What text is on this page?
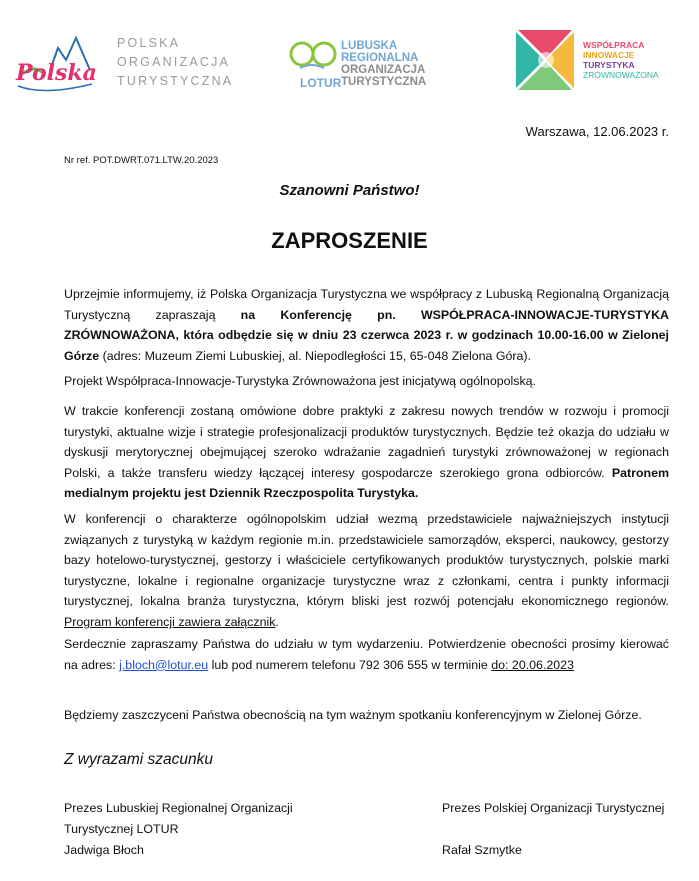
Polska
POLSKA
ORGANIZACJA
TURYSTYCZNA	LOTUR
LUBUSKA
REGIONALNA
ORGANIZACJA
TURYSTYCZNA
WSPÓŁPRACA
INNOWACJE
TURYSTYKA
ZRÓWNOWAŻONA
Warszawa, 12.06.2023 r.
Nr ref. POT.DWRT.071.LTW.20.2023
Szanowni Państwo!
ZAPROSZENIE
Uprzejmie informujemy, iż Polska Organizacja Turystyczna we współpracy z Lubuską Regionalną Organizacją Turystyczną zapraszają na Konferencję pn. WSPÓŁPRACA-INNOWACJE-TURYSTYKA ZRÓWNOWAŻONA, która odbędzie się w dniu 23 czerwca 2023 r. w godzinach 10.00-16.00 w Zielonej Górze (adres: Muzeum Ziemi Lubuskiej, al. Niepodległości 15, 65-048 Zielona Góra).
Projekt Współpraca-Innowacje-Turystyka Zrównoważona jest inicjatywą ogólnopolską.
W trakcie konferencji zostaną omówione dobre praktyki z zakresu nowych trendów w rozwoju i promocji turystyki, aktualne wizje i strategie profesjonalizacji produktów turystycznych. Będzie też okazja do udziału w dyskusji merytorycznej obejmującej szeroko wdrażanie zagadnień turystyki zrównoważonej w regionach Polski, a także transferu wiedzy łączącej interesy gospodarcze szerokiego grona odbiorców. Patronem medialnym projektu jest Dziennik Rzeczpospolita Turystyka.
W konferencji o charakterze ogólnopolskim udział wezmą przedstawiciele najważniejszych instytucji związanych z turystyką w każdym regionie m.in. przedstawiciele samorządów, eksperci, naukowcy, gestorzy bazy hotelowo-turystycznej, gestorzy i właściciele certyfikowanych produktów turystycznych, polskie marki turystyczne, lokalne i regionalne organizacje turystyczne wraz z członkami, centra i punkty informacji turystycznej, lokalna branża turystyczna, którym bliski jest rozwój potencjału ekonomicznego regionów. Program konferencji zawiera załącznik.
Serdecznie zapraszamy Państwa do udziału w tym wydarzeniu. Potwierdzenie obecności prosimy kierować na adres: j.bloch@lotur.eu lub pod numerem telefonu 792 306 555 w terminie do: 20.06.2023
Będziemy zaszczyceni Państwa obecnością na tym ważnym spotkaniu konferencyjnym w Zielonej Górze.
Z wyrazami szacunku
Prezes Lubuskiej Regionalnej Organizacji
Turystycznej LOTUR
Jadwiga Błoch
Prezes Polskiej Organizacji Turystycznej

Rafał Szmytke
